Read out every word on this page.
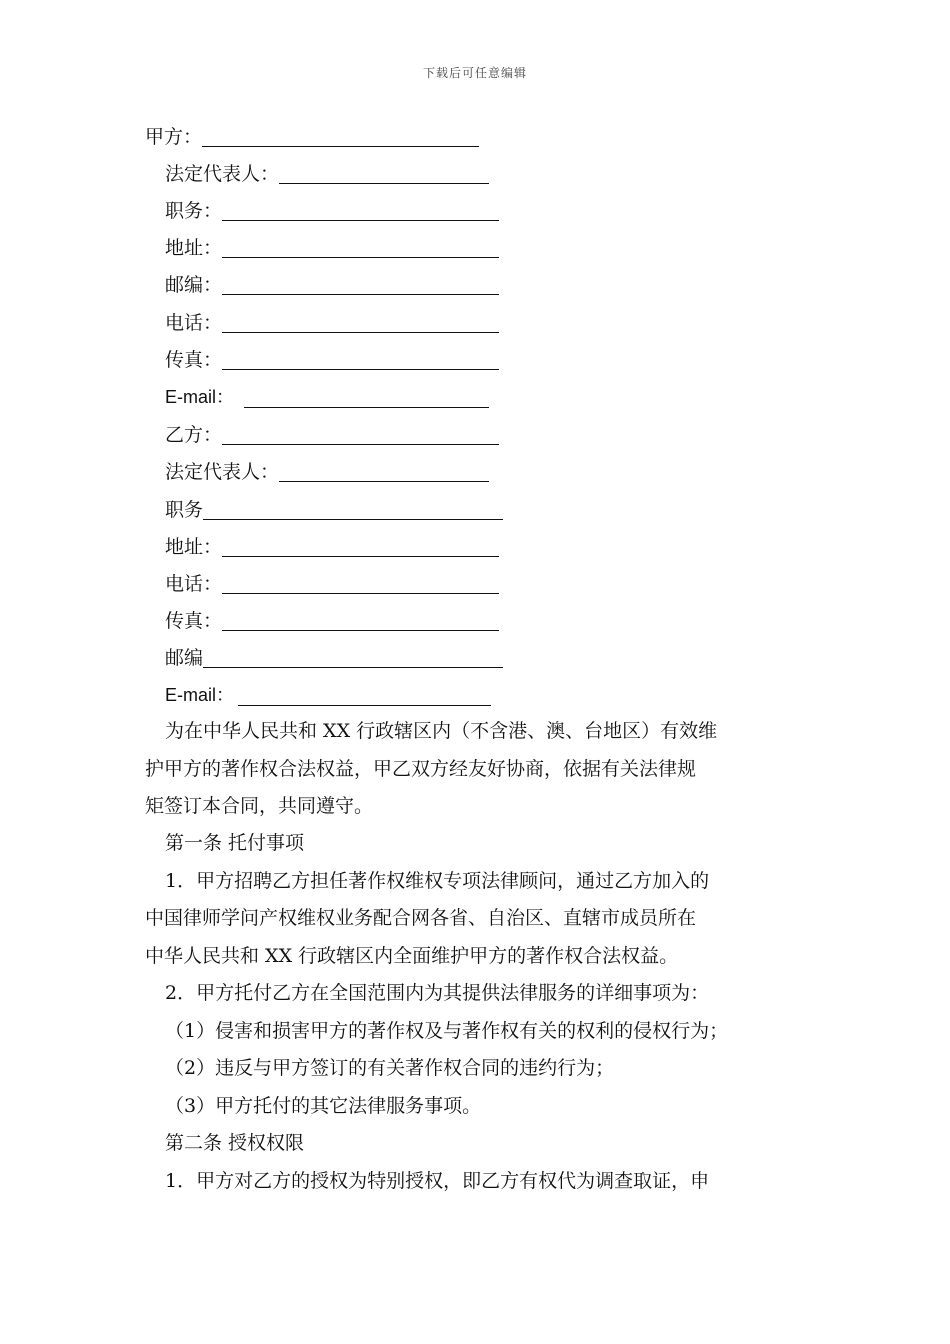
下载后可任意编辑
甲方：
法定代表人：
职务：
地址：
邮编：
电话：
传真：
E-mail：
乙方：
法定代表人：
职务
地址：
电话：
传真：
邮编
E-mail：
为在中华人民共和 XX 行政辖区内（不含港、澳、台地区）有效维
护甲方的著作权合法权益，甲乙双方经友好协商，依据有关法律规
矩签订本合同，共同遵守。
第一条 托付事项
1．甲方招聘乙方担任著作权维权专项法律顾问，通过乙方加入的
中国律师学问产权维权业务配合网各省、自治区、直辖市成员所在
中华人民共和 XX 行政辖区内全面维护甲方的著作权合法权益。
2．甲方托付乙方在全国范围内为其提供法律服务的详细事项为：
（1）侵害和损害甲方的著作权及与著作权有关的权利的侵权行为；
（2）违反与甲方签订的有关著作权合同的违约行为；
（3）甲方托付的其它法律服务事项。
第二条 授权权限
1．甲方对乙方的授权为特别授权，即乙方有权代为调查取证，申
